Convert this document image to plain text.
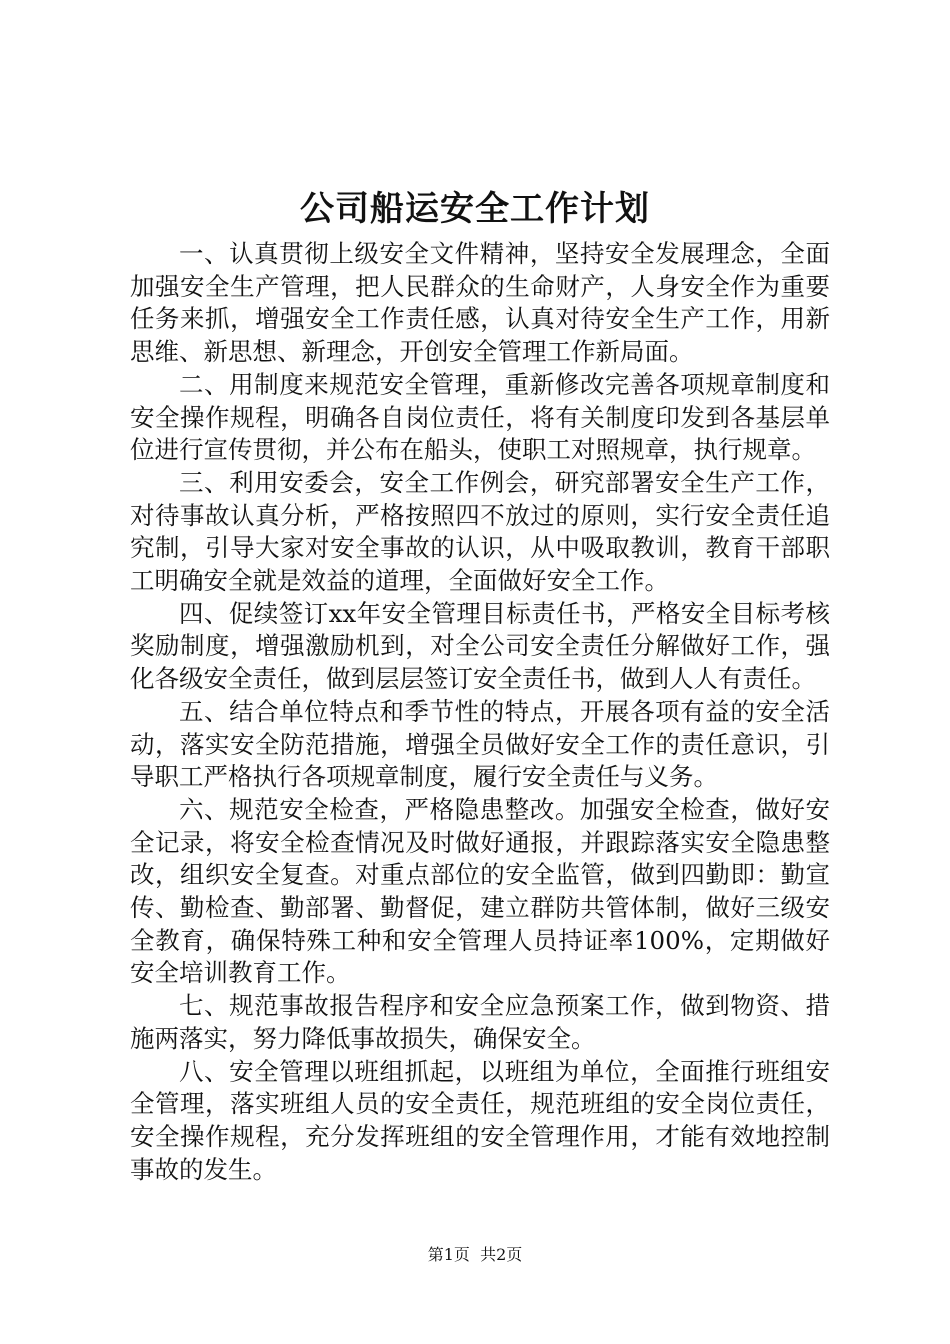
公司船运安全工作计划

一、认真贯彻上级安全文件精神，坚持安全发展理念，全面加强安全生产管理，把人民群众的生命财产，人身安全作为重要任务来抓，增强安全工作责任感，认真对待安全生产工作，用新思维、新思想、新理念，开创安全管理工作新局面。

二、用制度来规范安全管理，重新修改完善各项规章制度和安全操作规程，明确各自岗位责任，将有关制度印发到各基层单位进行宣传贯彻，并公布在船头，使职工对照规章，执行规章。

三、利用安委会，安全工作例会，研究部署安全生产工作，对待事故认真分析，严格按照四不放过的原则，实行安全责任追究制，引导大家对安全事故的认识，从中吸取教训，教育干部职工明确安全就是效益的道理，全面做好安全工作。

四、促续签订xx年安全管理目标责任书，严格安全目标考核奖励制度，增强激励机到，对全公司安全责任分解做好工作，强化各级安全责任，做到层层签订安全责任书，做到人人有责任。

五、结合单位特点和季节性的特点，开展各项有益的安全活动，落实安全防范措施，增强全员做好安全工作的责任意识，引导职工严格执行各项规章制度，履行安全责任与义务。

六、规范安全检查，严格隐患整改。加强安全检查，做好安全记录，将安全检查情况及时做好通报，并跟踪落实安全隐患整改，组织安全复查。对重点部位的安全监管，做到四勤即：勤宣传、勤检查、勤部署、勤督促，建立群防共管体制，做好三级安全教育，确保特殊工种和安全管理人员持证率100%，定期做好安全培训教育工作。

七、规范事故报告程序和安全应急预案工作，做到物资、措施两落实，努力降低事故损失，确保安全。

八、安全管理以班组抓起，以班组为单位，全面推行班组安全管理，落实班组人员的安全责任，规范班组的安全岗位责任，安全操作规程，充分发挥班组的安全管理作用，才能有效地控制事故的发生。

第1页 共2页
